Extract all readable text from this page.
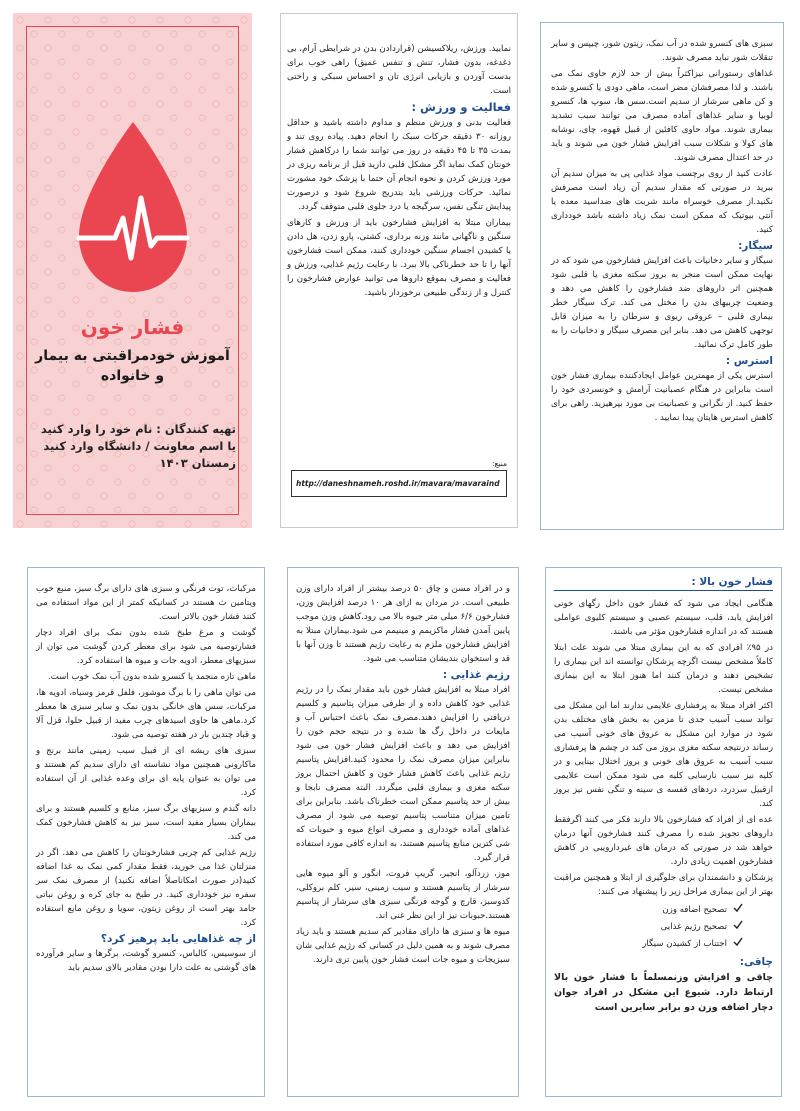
فشار خون
آموزش خودمراقبتی به بیمار و خانواده
تهیه کنندگان : نام خود را وارد کنید
یا اسم معاونت / دانشگاه وارد کنید
زمستان ۱۴۰۳

نمایید. ورزش، ریلاکسیشن (قراردادن بدن در شرایطی آرام، بی دغدغه، بدون فشار، تنش و تنفس عمیق) راهی خوب برای بدست آوردن و بازیابی انرژی تان و احساس سبکی و راحتی است.

فعالیت و ورزش :

فعالیت بدنی و ورزش منظم و مداوم داشته باشید و حداقل روزانه ۳۰ دقیقه حرکات سبک را انجام دهید. پیاده روی تند و بمدت ۳۵ تا ۴۵ دقیقه در روز می توانند شما را درکاهش فشار خونتان کمک نماید اگر مشکل قلبی دارید قبل از برنامه ریزی در مورد ورزش کردن و نحوه انجام آن حتما با پزشک خود مشورت نمائید. حرکات ورزشی باید بتدریج شروع شود و درصورت پیدایش تنگی نفس، سرگیجه یا درد جلوی قلبی متوقف گردد.

بیماران مبتلا به افزایش فشارخون باید از ورزش و کارهای سنگین و ناگهانی مانند وزنه برداری، کشتی، پارو زدن، هل دادن یا کشیدن اجسام سنگین خودداری کنند، ممکن است فشارخون آنها را تا حد خطرناکی بالا ببرد. با رعایت رژیم غذایی، ورزش و فعالیت و مصرف بموقع داروها می توانید عوارض فشارخون را کنترل و از زندگی طبیعی برخوردار باشید.

منبع:
http://daneshnameh.roshd.ir/mavara/mavaraind

سبزی های کنسرو شده در آب نمک، زیتون شور، چیپس و سایر تنقلات شور نباید مصرف شوند.

غذاهای رستورانی نیزاکثراً بیش از حد لازم حاوی نمک می باشند. و لذا مصرفشان مضر است، ماهی دودی یا کنسرو شده و کن ماهی سرشار از سدیم است.سس ها، سوپ ها، کنسرو لوبیا و سایر غذاهای آماده مصرف می توانند سبب تشدید بیماری شوند. مواد حاوی کافئین از قبیل قهوه، چای، نوشابه های کولا و شکلات سبب افزایش فشار خون می شوند و باید در حد اعتدال مصرف شوند.

عادت کنید از روی برچسب مواد غذایی پی به میزان سدیم آن ببرید در صورتی که مقدار سدیم آن زیاد است مصرفش نکنید.از مصرف خوسراه مانند شربت های ضداسید معده یا آنتی بیوتیک که ممکن است نمک زیاد داشته باشد خودداری کنید.

سیگار:

سیگار و سایر دخانیات باعث افزایش فشارخون می شود که در نهایت ممکن است منجر به بروز سکته مغزی یا قلبی شود همچنین اثر داروهای ضد فشارخون را کاهش می دهد و وضعیت چربیهای بدن را مختل می کند. ترک سیگار خطر بیماری قلبی – عروقی ریوی و سرطان را به میزان قابل توجهی کاهش می دهد. بنابر این مصرف سیگار و دخانیات را به طور کامل ترک نمائید.

استرس :

استرس یکی از مهمترین عوامل ایجادکننده بیماری فشار خون است بنابراین در هنگام عصبانیت آرامش و خونسردی خود را حفظ کنید. از نگرانی و عصبانیت بی مورد بپرهیزید. راهی برای کاهش استرس هایتان پیدا نمایید .

مرکبات، توت فرنگی و سبزی های دارای برگ سبز، منبع خوب ویتامین ث هستند در کسانیکه کمتر از این مواد استفاده می کنند فشار خون بالاتر است.

گوشت و مرغ طبخ شده بدون نمک برای افراد دچار فشارتوصیه می شود برای معطر کردن گوشت می توان از سبزیهای معطر، ادویه جات و میوه ها استفاده کرد.

ماهی تازه منجمد یا کنسرو شده بدون آب نمک خوب است.

می توان ماهی را با برگ موشور، فلفل قرمز وسیاه، ادویه ها، مرکبات، سس های خانگی بدون نمک و سایر سبزی ها معطر کرد.ماهی ها حاوی اسیدهای چرب مفید از قبیل حلوا، قزل آلا و قباد چندین بار در هفته توصیه می شود.

سبزی های ریشه ای از قبیل سیب زمینی مانند برنج و ماکارونی همچنین مواد نشاسته ای دارای سدیم کم هستند و می توان به عنوان پایه ای برای وعده غذایی از آن استفاده کرد.

دانه گندم و سبزیهای برگ سبز، منابع و کلسیم هستند و برای بیماران بسیار مفید است، سبز نیز به کاهش فشارخون کمک می کند.

رژیم غذایی کم چربی فشارخونتان را کاهش می دهد. اگر در منزلتان غذا می خورید، فقط مقدار کمی نمک به غذا اضافه کنید(در صورت امکاناصلاً اضافه نکنید) از مصرف نمک سر سفره نیز خودداری کنید. در طبخ به جای کره و روغن نباتی جامد بهتر است از روغن زیتون، سویا و روغن مایع استفاده کرد.

از چه غذاهایی باید پرهیز کرد؟

از سوسیس، کالباس، کنسرو گوشت، برگرها و سایر فرآورده های گوشتی به علت دارا بودن مقادیر بالای سدیم باید

و در افراد مسن و چاق ۵۰ درصد بیشتر از افراد دارای وزن طبیعی است. در مردان به ازای هر ۱۰ درصد افزایش وزن، فشارخون ۶/۶ میلی متر جیوه بالا می رود.کاهش وزن موجب پایین آمدن فشار ماکزیمم و مینیمم می شود.بیماران مبتلا به افزایش فشارخون ملزم به رعایت رژیم هستند تا وزن آنها با قد و استخوان بندیشان متناسب می شود.

رژیم غذایی :

افراد مبتلا به افزایش فشار خون باید مقدار نمک را در رژیم غذایی خود کاهش داده و از طرفی میزان پتاسیم و کلسیم دریافتی را افزایش دهند.مصرف نمک باعث احتباس آب و مایعات در داخل رگ ها شده و در نتیجه حجم خون را افزایش می دهد و باعث افزایش فشار خون می شود بنابراین میزان مصرف نمک را محدود کنید.افزایش پتاسیم رژیم غذایی باعث کاهش فشار خون و کاهش احتمال بروز سکته مغزی و بیماری قلبی میگردد. البته مصرف نابجا و بیش از حد پتاسیم ممکن است خطرناک باشد. بنابراین برای تامین میزان متناسب پتاسیم توصیه می شود از مصرف غذاهای آماده خودداری و مصرف انواع میوه و حبوبات که شی کترین منابع پتاسیم هستند، به اندازه کافی مورد استفاده قرار گیرد.

موز، زردآلو، انجیر، گریپ فروت، انگور و آلو میوه هایی سرشار از پتاسیم هستند و سیب زمینی، سیر، کلم بروکلی، کدوسبز، قارچ و گوجه فرنگی سبزی های سرشار از پتاسیم هستند.حبوبات نیز از این نظر غنی اند.

میوه ها و سبزی ها دارای مقادیر کم سدیم هستند و باید زیاد مصرف شوند و به همین دلیل در کسانی که رژیم غذایی شان سبزیجات و میوه جات است فشار خون پایین تری دارند.

فشار خون بالا :

هنگامی ایجاد می شود که فشار خون داخل رگهای خونی افزایش یابد، قلب، سیستم عصبی و سیستم کلیوی عواملی هستند که در اندازه فشارخون مؤثر می باشند.

در ۹۵٪ افرادی که به این بیماری مبتلا می شوند علت ابتلا کاملاً مشخص نیست اگرچه پزشکان توانسته اند این بیماری را تشخیص دهند و درمان کنند اما هنوز ابتلا به این بیماری مشخص نیست.

اکثر افراد مبتلا به پرفشاری علایمی ندارند اما این مشکل می تواند سبب آسیب جدی تا مزمن به بخش های مختلف بدن شود در موارد این مشکل به عروق های خونی آسیب می رساند درنتیجه سکته مغزی بروز می کند در چشم ها پرفشاری سبب آسیب به عروق های خونی و بروز اختلال بینایی و در کلیه نیز سبب نارسایی کلیه می شود ممکن است علایمی ازقبیل سردرد، دردهای قفسه ی سینه و تنگی نفس نیز بروز کند.

عده ای از افراد که فشارخون بالا دارند فکر می کنند اگرفقط داروهای تجویز شده را مصرف کنند فشارخون آنها درمان خواهد شد در صورتی که درمان های غیرداروییی در کاهش فشارخون اهمیت زیادی دارد.

پزشکان و دانشمندان برای جلوگیری از ابتلا و همچنین مراقبت بهتر از این بیماری مراحل زیر را پیشنهاد می کنند:

تصحیح اضافه وزن
تصحیح رژیم غذایی
اجتناب از کشیدن سیگار
چاقی:

چاقی و افزایش وزنمسلماً با فشار خون بالا ارتباط دارد. شیوع این مشکل در افراد جوان دچار اضافه وزن دو برابر سایرین است
